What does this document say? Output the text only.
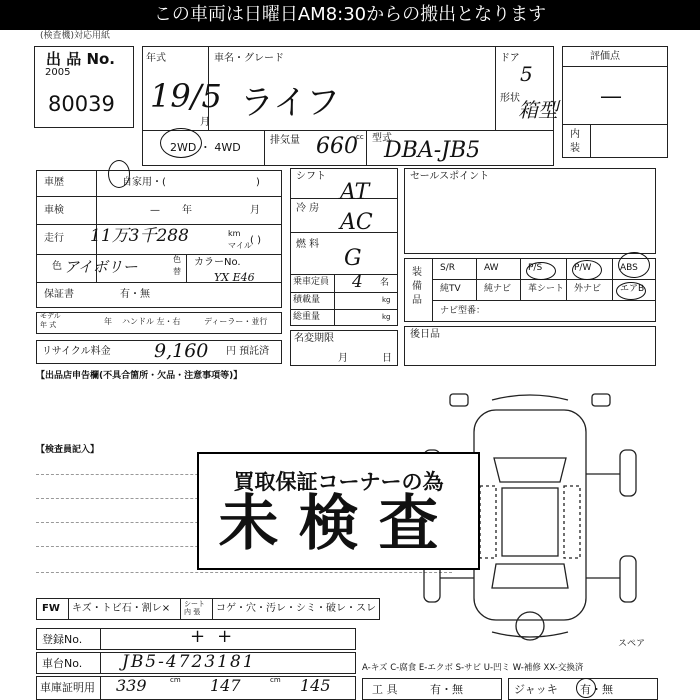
この車両は日曜日AM8:30からの搬出となります
(検査機)対応用紙
出 品 No.
2005
80039
年式
19/5
月
車名・グレード
ライフ
ドア
5
形状
箱型
2WD ・ 4WD
排気量 660
cc 型式
DBA-JB5
評価点
—
内
装
車歴	自家用・(	)
車検	— 年	月
走行 11万3千288	km
マイル
( )
色 アイボリー	色
替
カラーNo.
YX E46
保証書	有・無
モデル
年 式	年 ハンドル 左・右	ディーラー・並行
リサイクル料金 9,160 円 預託済
シフト
AT
冷 房
AC
燃 料
G
乗車定員 4 名
積載量	kg
総重量	kg
名変期限
月	日
セールスポイント
装備品
S/R	AW	P/S	P/W	ABS
純TV	純ナビ 革シート 外ナビ エアB
ナビ型番：
後日品
【出品店申告欄(不具合箇所・欠品・注意事項等)】
【検査員記入】
スペア
買取保証コーナーの為
未検査
FW キズ・トビ石・割レ× シート内 張	コゲ・穴・汚レ・シミ・破レ・スレ
登録No.	++
車台No. JB5-4723181
車庫証明用 339	cm 147	cm 145
A-キズ C-腐食 E-エクボ S-サビ U-凹ミ W-補修 XX-交換済
工 具	有・無	ジャッキ 有・無
